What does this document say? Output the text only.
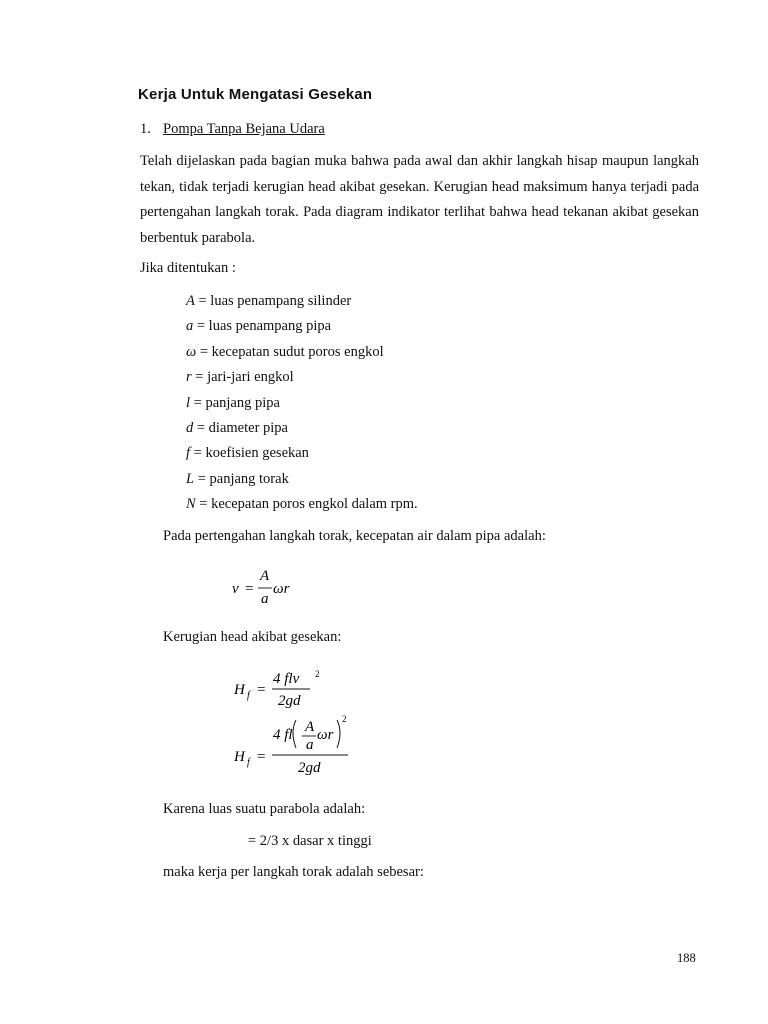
Kerja Untuk Mengatasi Gesekan
1. Pompa Tanpa Bejana Udara
Telah dijelaskan pada bagian muka bahwa pada awal dan akhir langkah hisap maupun langkah tekan, tidak terjadi kerugian head akibat gesekan. Kerugian head maksimum hanya terjadi pada pertengahan langkah torak. Pada diagram indikator terlihat bahwa head tekanan akibat gesekan berbentuk parabola.
Jika ditentukan :
A = luas penampang silinder
a = luas penampang pipa
ω = kecepatan sudut poros engkol
r = jari-jari engkol
l = panjang pipa
d = diameter pipa
f = koefisien gesekan
L = panjang torak
N = kecepatan poros engkol dalam rpm.
Pada pertengahan langkah torak, kecepatan air dalam pipa adalah:
v =
A
a
ωr
Kerugian head akibat gesekan:
H f =
4 flv 2
2gd
H f =
4 fl A
a
ωr
2
2gd
Karena luas suatu parabola adalah:
= 2/3 x dasar x tinggi
maka kerja per langkah torak adalah sebesar:
188
